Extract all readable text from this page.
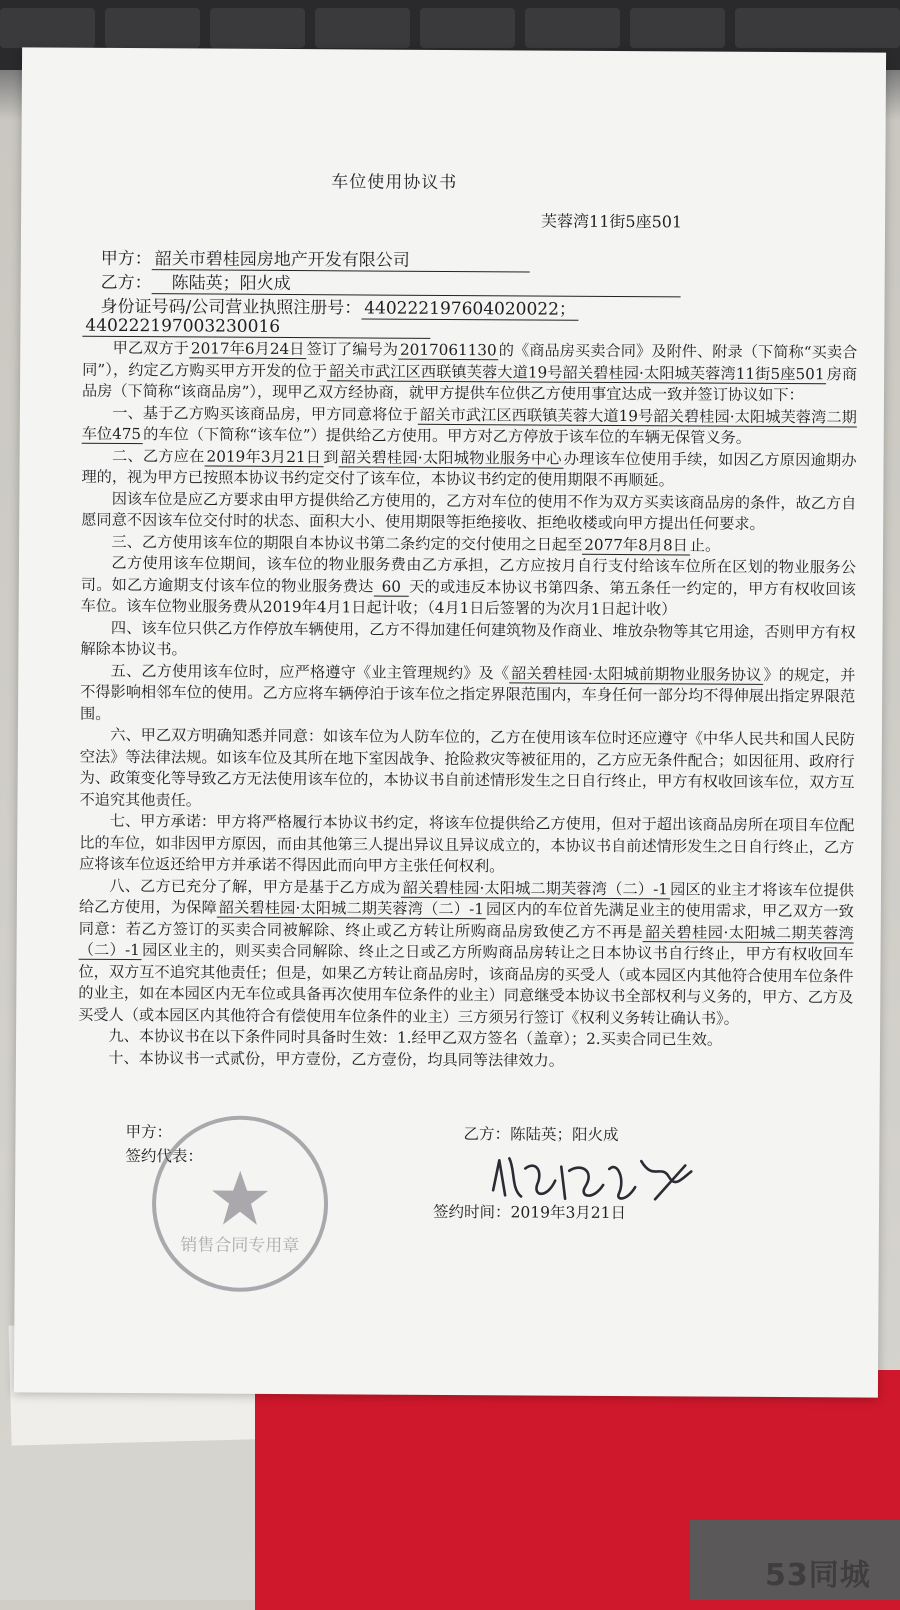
53同城
车位使用协议书
芙蓉湾11街5座501
甲方： 韶关市碧桂园房地产开发有限公司
乙方： 陈陆英；阳火成
身份证号码/公司营业执照注册号： 440222197604020022；
440222197003230016

甲乙双方于 2017年6月24日 签订了编号为 2017061130 的《商品房买卖合同》及附件、附录（下简称“买卖合同”），约定乙方购买甲方开发的位于 韶关市武江区西联镇芙蓉大道19号韶关碧桂园·太阳城芙蓉湾11街5座501 房商品房（下简称“该商品房”），现甲乙双方经协商，就甲方提供车位供乙方使用事宜达成一致并签订协议如下：

一、基于乙方购买该商品房，甲方同意将位于 韶关市武江区西联镇芙蓉大道19号韶关碧桂园·太阳城芙蓉湾二期车位475 的车位（下简称“该车位”）提供给乙方使用。甲方对乙方停放于该车位的车辆无保管义务。

二、乙方应在 2019年3月21日 到 韶关碧桂园·太阳城物业服务中心 办理该车位使用手续，如因乙方原因逾期办理的，视为甲方已按照本协议书约定交付了该车位，本协议书约定的使用期限不再顺延。

因该车位是应乙方要求由甲方提供给乙方使用的，乙方对车位的使用不作为双方买卖该商品房的条件，故乙方自愿同意不因该车位交付时的状态、面积大小、使用期限等拒绝接收、拒绝收楼或向甲方提出任何要求。

三、乙方使用该车位的期限自本协议书第二条约定的交付使用之日起至 2077年8月8日 止。

乙方使用该车位期间，该车位的物业服务费由乙方承担，乙方应按月自行支付给该车位所在区划的物业服务公司。如乙方逾期支付该车位的物业服务费达 60 天的或违反本协议书第四条、第五条任一约定的，甲方有权收回该车位。该车位物业服务费从2019年4月1日起计收；（4月1日后签署的为次月1日起计收）

四、该车位只供乙方作停放车辆使用，乙方不得加建任何建筑物及作商业、堆放杂物等其它用途，否则甲方有权解除本协议书。

五、乙方使用该车位时，应严格遵守《业主管理规约》及《 韶关碧桂园·太阳城前期物业服务协议 》的规定，并不得影响相邻车位的使用。乙方应将车辆停泊于该车位之指定界限范围内，车身任何一部分均不得伸展出指定界限范围。

六、甲乙双方明确知悉并同意：如该车位为人防车位的，乙方在使用该车位时还应遵守《中华人民共和国人民防空法》等法律法规。如该车位及其所在地下室因战争、抢险救灾等被征用的，乙方应无条件配合；如因征用、政府行为、政策变化等导致乙方无法使用该车位的，本协议书自前述情形发生之日自行终止，甲方有权收回该车位，双方互不追究其他责任。

七、甲方承诺：甲方将严格履行本协议书约定，将该车位提供给乙方使用，但对于超出该商品房所在项目车位配比的车位，如非因甲方原因，而由其他第三人提出异议且异议成立的，本协议书自前述情形发生之日自行终止，乙方应将该车位返还给甲方并承诺不得因此而向甲方主张任何权利。

八、乙方已充分了解，甲方是基于乙方成为 韶关碧桂园·太阳城二期芙蓉湾（二）-1 园区的业主才将该车位提供给乙方使用，为保障 韶关碧桂园·太阳城二期芙蓉湾（二）-1 园区内的车位首先满足业主的使用需求，甲乙双方一致同意：若乙方签订的买卖合同被解除、终止或乙方转让所购商品房致使乙方不再是 韶关碧桂园·太阳城二期芙蓉湾（二）-1 园区业主的，则买卖合同解除、终止之日或乙方所购商品房转让之日本协议书自行终止，甲方有权收回车位，双方互不追究其他责任；但是，如果乙方转让商品房时，该商品房的买受人（或本园区内其他符合使用车位条件的业主，如在本园区内无车位或具备再次使用车位条件的业主）同意继受本协议书全部权利与义务的，甲方、乙方及买受人（或本园区内其他符合有偿使用车位条件的业主）三方须另行签订《权利义务转让确认书》。

九、本协议书在以下条件同时具备时生效：1.经甲乙双方签名（盖章）；2.买卖合同已生效。

十、本协议书一式贰份，甲方壹份，乙方壹份，均具同等法律效力。

甲方：
签约代表：
乙方：陈陆英；阳火成
签约时间：2019年3月21日
销售合同专用章
